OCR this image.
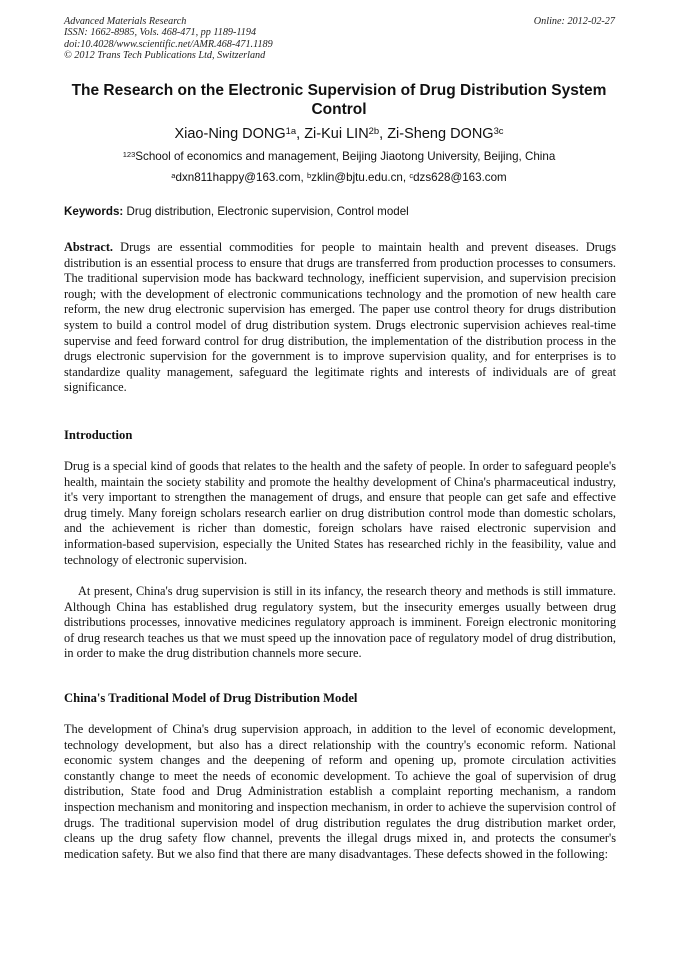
Advanced Materials Research
ISSN: 1662-8985, Vols. 468-471, pp 1189-1194
doi:10.4028/www.scientific.net/AMR.468-471.1189
© 2012 Trans Tech Publications Ltd, Switzerland
Online: 2012-02-27
The Research on the Electronic Supervision of Drug Distribution System Control
Xiao-Ning $DONG^{1a}$, Zi-Kui $LIN^{2b}$, Zi-Sheng $DONG^{3c}$
$^{123}$School of economics and management, Beijing Jiaotong University, Beijing, China
$^a$dxn811happy@163.com, $^b$zklin@bjtu.edu.cn, $^c$dzs628@163.com
Keywords: Drug distribution, Electronic supervision, Control model
Abstract. Drugs are essential commodities for people to maintain health and prevent diseases. Drugs distribution is an essential process to ensure that drugs are transferred from production processes to consumers. The traditional supervision mode has backward technology, inefficient supervision, and supervision precision rough; with the development of electronic communications technology and the promotion of new health care reform, the new drug electronic supervision has emerged. The paper use control theory for drugs distribution system to build a control model of drug distribution system. Drugs electronic supervision achieves real-time supervise and feed forward control for drug distribution, the implementation of the distribution process in the drugs electronic supervision for the government is to improve supervision quality, and for enterprises is to standardize quality management, safeguard the legitimate rights and interests of individuals are of great significance.
Introduction
Drug is a special kind of goods that relates to the health and the safety of people. In order to safeguard people's health, maintain the society stability and promote the healthy development of China's pharmaceutical industry, it's very important to strengthen the management of drugs, and ensure that people can get safe and effective drug timely. Many foreign scholars research earlier on drug distribution control mode than domestic scholars, and the achievement is richer than domestic, foreign scholars have raised electronic supervision and information-based supervision, especially the United States has researched richly in the feasibility, value and technology of electronic supervision.
At present, China's drug supervision is still in its infancy, the research theory and methods is still immature. Although China has established drug regulatory system, but the insecurity emerges usually between drug distributions processes, innovative medicines regulatory approach is imminent. Foreign electronic monitoring of drug research teaches us that we must speed up the innovation pace of regulatory model of drug distribution, in order to make the drug distribution channels more secure.
China's Traditional Model of Drug Distribution Model
The development of China's drug supervision approach, in addition to the level of economic development, technology development, but also has a direct relationship with the country's economic reform. National economic system changes and the deepening of reform and opening up, promote circulation activities constantly change to meet the needs of economic development. To achieve the goal of supervision of drug distribution, State food and Drug Administration establish a complaint reporting mechanism, a random inspection mechanism and monitoring and inspection mechanism, in order to achieve the supervision control of drugs. The traditional supervision model of drug distribution regulates the drug distribution market order, cleans up the drug safety flow channel, prevents the illegal drugs mixed in, and protects the consumer's medication safety. But we also find that there are many disadvantages. These defects showed in the following:
